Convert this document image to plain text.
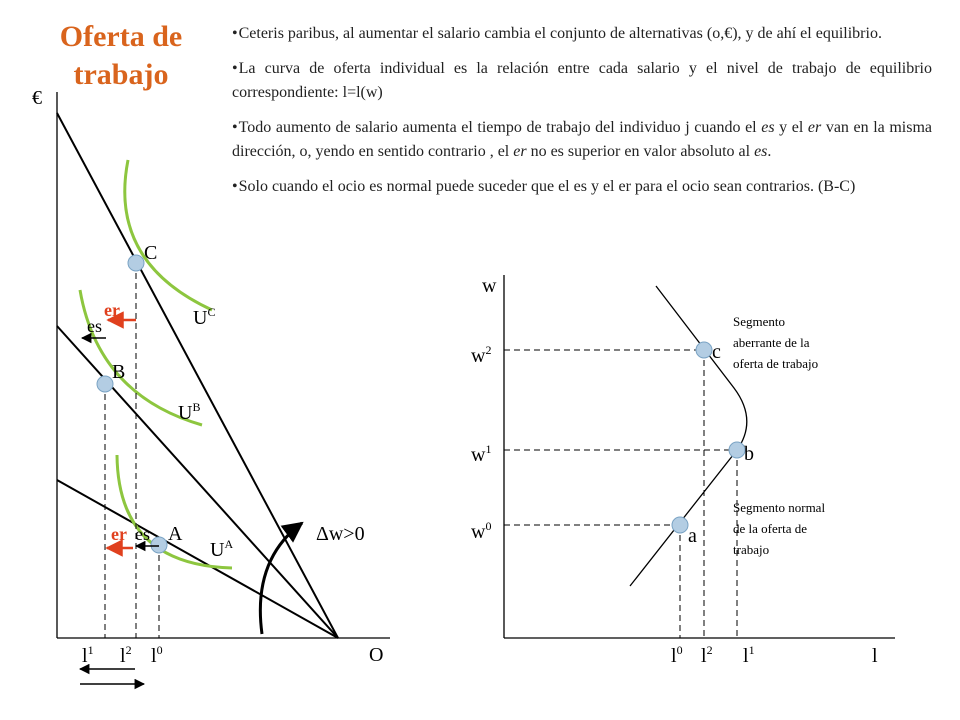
Oferta de
trabajo
•Ceteris paribus, al aumentar el salario cambia el conjunto de alternativas (o,€), y de ahí el equilibrio.
•La curva de oferta individual es la relación entre cada salario y el nivel de trabajo de equilibrio correspondiente: l=l(w)
•Todo aumento de salario aumenta el tiempo de trabajo del individuo j cuando el es y el er van en la misma dirección, o, yendo en sentido contrario , el er no es superior en valor absoluto al es.
•Solo cuando el ocio es normal puede suceder que el es y el er para el ocio sean contrarios. (B-C)
€
O
C
B
A
$U^C$
$U^B$
$U^A$
er
es
er es	Δw>0
$l^1$ $l^2$ $l^0$
w
l
c
b
a
$w^2$
$w^1$
$w^0$
$l^0$ $l^2$ $l^1$
Segmento
aberrante de la
oferta de trabajo
Segmento normal
de la oferta de
trabajo
